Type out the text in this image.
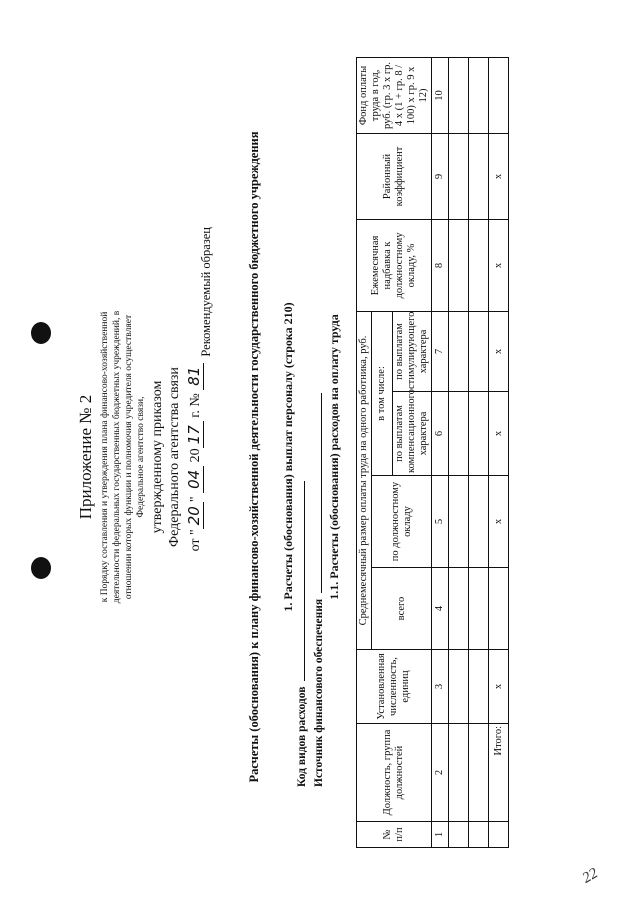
22
Приложение № 2 к Порядку составления и утверждения плана финансово-хозяйственной деятельности федеральных государственных бюджетных учреждений, в отношении которых функции и полномочия учредителя осуществляет Федеральное агентство связи, утвержденному приказом Федерального агентства связи от "20" 04 2017 г. № 81
Рекомендуемый образец	Расчеты (обоснования) к плану финансово-хозяйственной деятельности государственного бюджетного учреждения 1. Расчеты (обоснования) выплат персоналу (строка 210)
Код видов расходов Источник финансового обеспечения
1.1. Расчеты (обоснования) расходов на оплату труда
№ п/п	Должность, группа должностей	Установленная численность, единиц	Среднемесячный размер оплаты труда на одного работника, руб.				Ежемесячная надбавка к должностному окладу, %	Районный коэффициент	Фонд оплаты труда в год, руб. (гр. 3 x гр. 4 x (1 + гр. 8 / 100) x гр. 9 x 12)
			всего	по должностному окладу	в том числе:				
					по выплатам компенсационного характера	по выплатам стимулирующего характера			
1	2	3	4	5	6	7	8	9	10

	Итого:	x		x	x	x	x	x	
